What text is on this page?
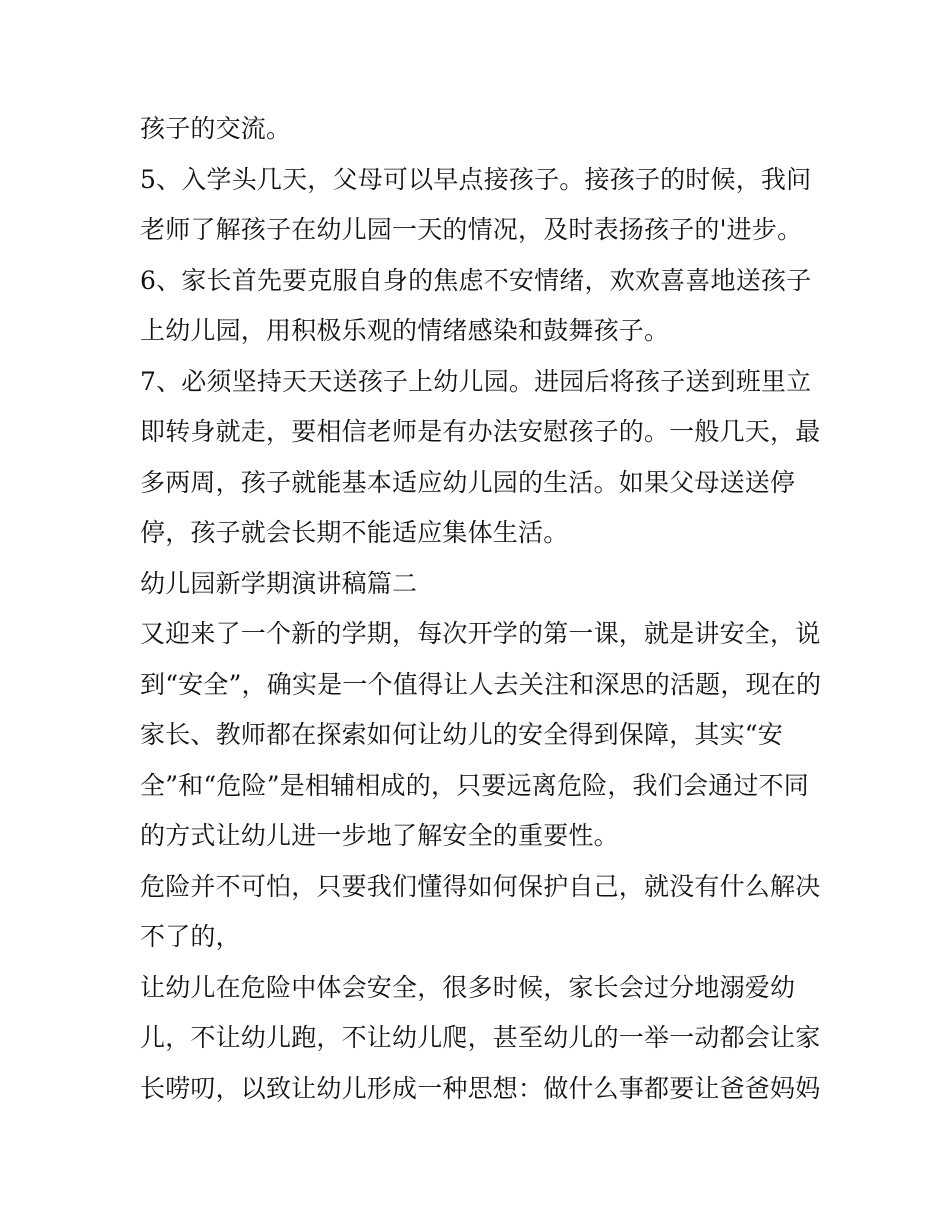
孩子的交流。
5、入学头几天，父母可以早点接孩子。接孩子的时候，我问
老师了解孩子在幼儿园一天的情况，及时表扬孩子的'进步。
6、家长首先要克服自身的焦虑不安情绪，欢欢喜喜地送孩子
上幼儿园，用积极乐观的情绪感染和鼓舞孩子。
7、必须坚持天天送孩子上幼儿园。进园后将孩子送到班里立
即转身就走，要相信老师是有办法安慰孩子的。一般几天，最
多两周，孩子就能基本适应幼儿园的生活。如果父母送送停
停，孩子就会长期不能适应集体生活。
幼儿园新学期演讲稿篇二
又迎来了一个新的学期，每次开学的第一课，就是讲安全，说
到“安全”，确实是一个值得让人去关注和深思的活题，现在的
家长、教师都在探索如何让幼儿的安全得到保障，其实“安
全”和“危险”是相辅相成的，只要远离危险，我们会通过不同
的方式让幼儿进一步地了解安全的重要性。
危险并不可怕，只要我们懂得如何保护自己，就没有什么解决
不了的，
让幼儿在危险中体会安全，很多时候，家长会过分地溺爱幼
儿，不让幼儿跑，不让幼儿爬，甚至幼儿的一举一动都会让家
长唠叨，以致让幼儿形成一种思想：做什么事都要让爸爸妈妈
